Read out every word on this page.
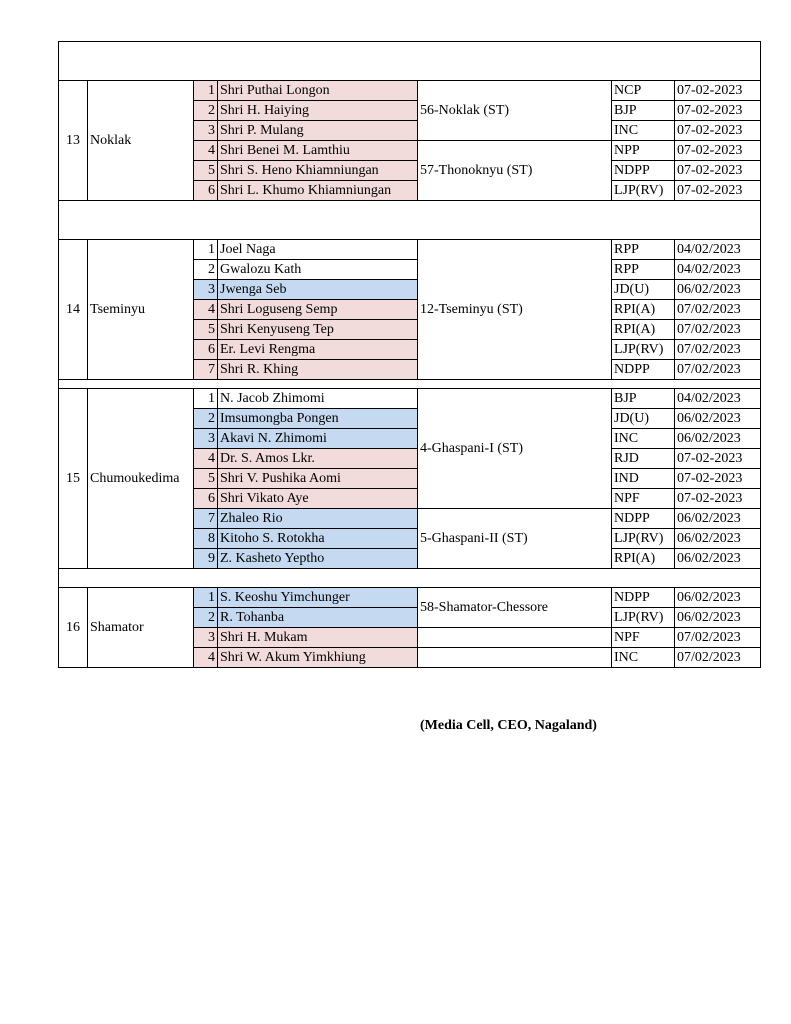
13	Noklak	1	Shri Puthai Longon	56-Noklak (ST)	NCP	07-02-2023
		2	Shri H. Haiying		BJP	07-02-2023
		3	Shri P. Mulang		INC	07-02-2023
		4	Shri Benei M. Lamthiu	57-Thonoknyu (ST)	NPP	07-02-2023
		5	Shri S. Heno Khiamniungan		NDPP	07-02-2023
		6	Shri L. Khumo Khiamniungan		LJP(RV)	07-02-2023

14	Tseminyu	1	Joel Naga	12-Tseminyu (ST)	RPP	04/02/2023
		2	Gwalozu Kath		RPP	04/02/2023
		3	Jwenga Seb		JD(U)	06/02/2023
		4	Shri Loguseng Semp		RPI(A)	07/02/2023
		5	Shri Kenyuseng Tep		RPI(A)	07/02/2023
		6	Er. Levi Rengma		LJP(RV)	07/02/2023
		7	Shri R. Khing		NDPP	07/02/2023

15	Chumoukedima	1	N. Jacob Zhimomi	4-Ghaspani-I (ST)	BJP	04/02/2023
		2	Imsumongba Pongen		JD(U)	06/02/2023
		3	Akavi N. Zhimomi		INC	06/02/2023
		4	Dr. S. Amos Lkr.		RJD	07-02-2023
		5	Shri V. Pushika Aomi		IND	07-02-2023
		6	Shri Vikato Aye		NPF	07-02-2023
		7	Zhaleo Rio	5-Ghaspani-II (ST)	NDPP	06/02/2023
		8	Kitoho S. Rotokha		LJP(RV)	06/02/2023
		9	Z. Kasheto Yeptho		RPI(A)	06/02/2023

16	Shamator	1	S. Keoshu Yimchunger	58-Shamator-Chessore	NDPP	06/02/2023
		2	R. Tohanba		LJP(RV)	06/02/2023
		3	Shri H. Mukam		NPF	07/02/2023
		4	Shri W. Akum Yimkhiung		INC	07/02/2023
(Media Cell, CEO, Nagaland)
